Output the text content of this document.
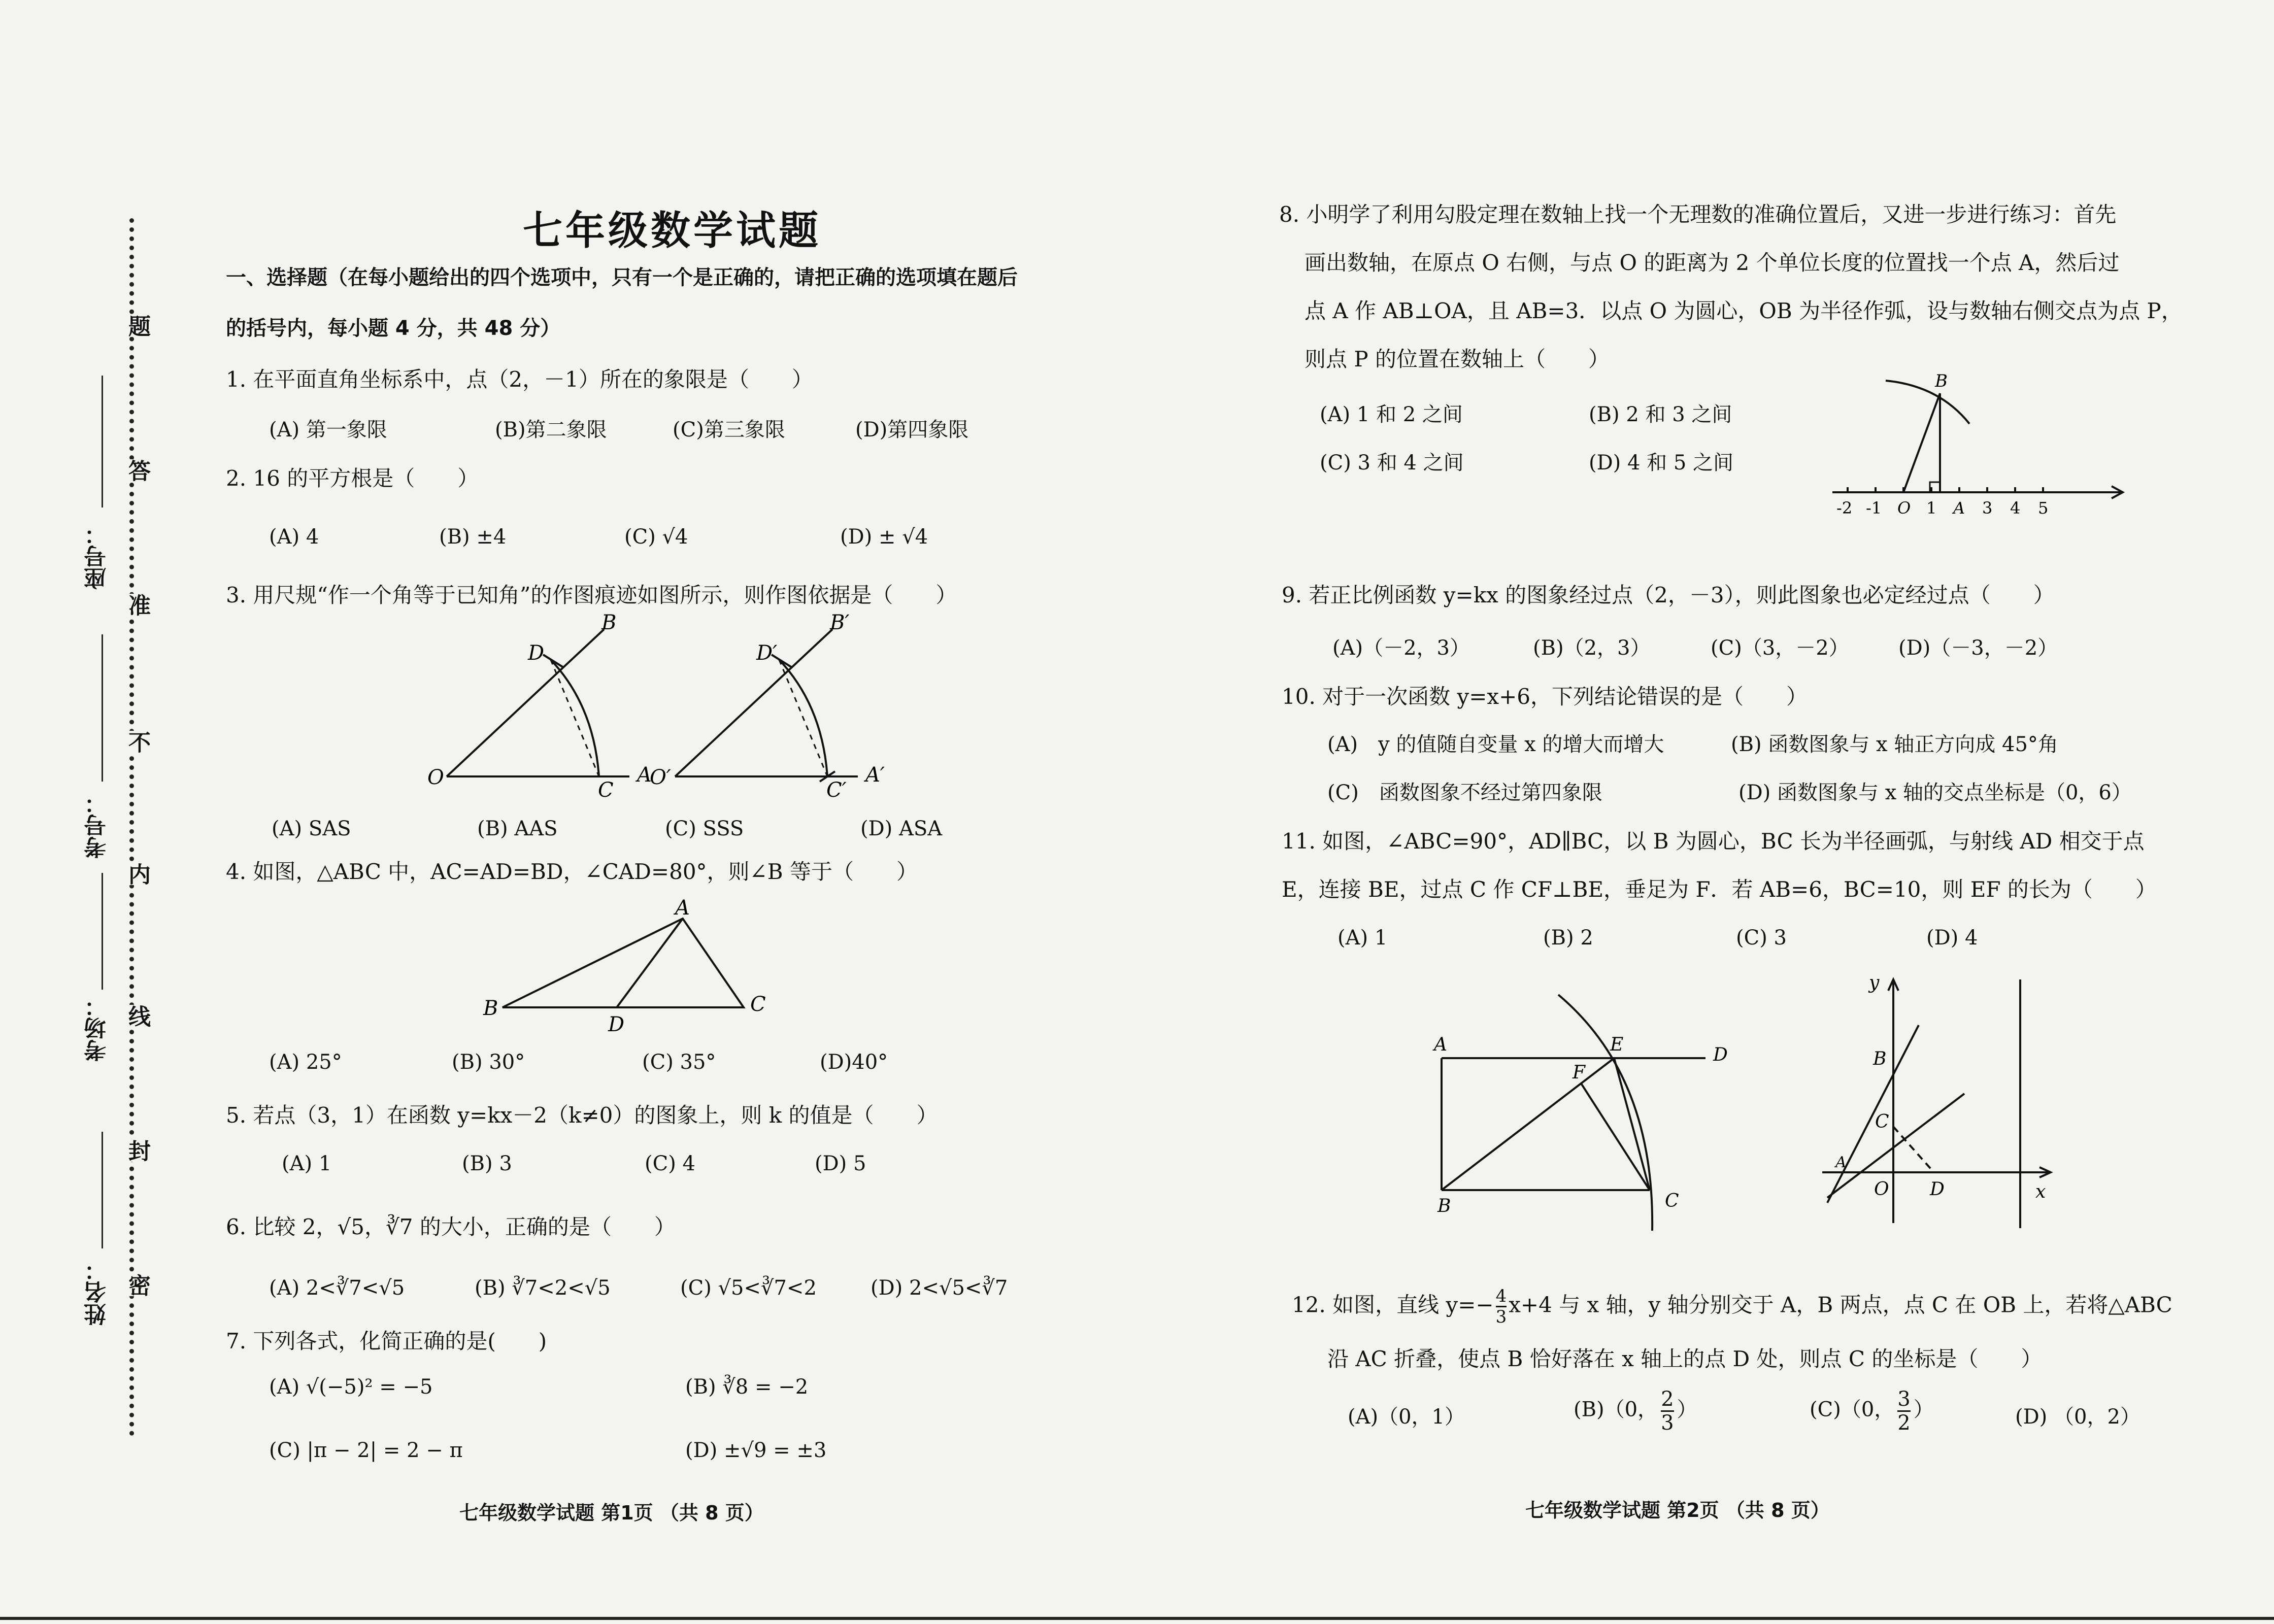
题
答
准
不
内
线
封
密
座号：
考号：
考场：
姓名：
七年级数学试题
一、选择题（在每小题给出的四个选项中，只有一个是正确的，请把正确的选项填在题后
的括号内，每小题 4 分，共 48 分）
1. 在平面直角坐标系中，点（2，－1）所在的象限是（　　）
(A) 第一象限	(B)第二象限	(C)第三象限	(D)第四象限
2. 16 的平方根是（　　）
(A) 4	(B) ±4	(C) √4	(D) ± √4
3. 用尺规“作一个角等于已知角”的作图痕迹如图所示，则作图依据是（　　）
O	A
B
C
D
O′	A′
B′
C′
D′
(A) SAS	(B) AAS	(C) SSS	(D) ASA
4. 如图，△ABC 中，AC=AD=BD，∠CAD=80°，则∠B 等于（　　）
A
B	C
D
(A) 25°	(B) 30°	(C) 35°	(D)40°
5. 若点（3，1）在函数 y=kx－2（k≠0）的图象上，则 k 的值是（　　）
(A) 1	(B) 3	(C) 4	(D) 5
6. 比较 2，√5，∛7 的大小，正确的是（　　）
(A) 2<∛7<√5	(B) ∛7<2<√5	(C) √5<∛7<2	(D) 2<√5<∛7
7. 下列各式，化简正确的是(　　)
(A) √(−5)² = −5	(B) ∛8 = −2
(C) |π − 2| = 2 − π	(D) ±√9 = ±3
七年级数学试题 第1页 （共 8 页）
8. 小明学了利用勾股定理在数轴上找一个无理数的准确位置后，又进一步进行练习：首先
画出数轴，在原点 O 右侧，与点 O 的距离为 2 个单位长度的位置找一个点 A，然后过
点 A 作 AB⊥OA，且 AB=3．以点 O 为圆心，OB 为半径作弧，设与数轴右侧交点为点 P，
则点 P 的位置在数轴上（　　）
(A) 1 和 2 之间	(B) 2 和 3 之间
(C) 3 和 4 之间	(D) 4 和 5 之间
-2 -1 O 1 A 3 4 5
B
9. 若正比例函数 y=kx 的图象经过点（2，－3），则此图象也必定经过点（　　）
(A)（－2，3）	(B)（2，3）	(C)（3，－2） (D)（－3，－2）
10. 对于一次函数 y=x+6，下列结论错误的是（　　）
(A)　y 的值随自变量 x 的增大而增大	(B) 函数图象与 x 轴正方向成 45°角
(C)　函数图象不经过第四象限	(D) 函数图象与 x 轴的交点坐标是（0，6）
11. 如图，∠ABC=90°，AD∥BC，以 B 为圆心，BC 长为半径画弧，与射线 AD 相交于点
E，连接 BE，过点 C 作 CF⊥BE，垂足为 F．若 AB=6，BC=10，则 EF 的长为（　　）
(A) 1	(B) 2	(C) 3	(D) 4
A
B	C
D
E
F
y
x
A
B
C
D
O
12. 如图，直线 $y=- \frac{4}{3} x+4$ 与 x 轴，y 轴分别交于 A，B 两点，点 C 在 OB 上，若将△ABC
沿 AC 折叠，使点 B 恰好落在 x 轴上的点 D 处，则点 C 的坐标是（　　）
(A)（0，1）	(B)（0， $\frac{2}{3}$ ）	(C)（0， $\frac{3}{2}$ ）	(D) （0，2）
七年级数学试题 第2页 （共 8 页）
